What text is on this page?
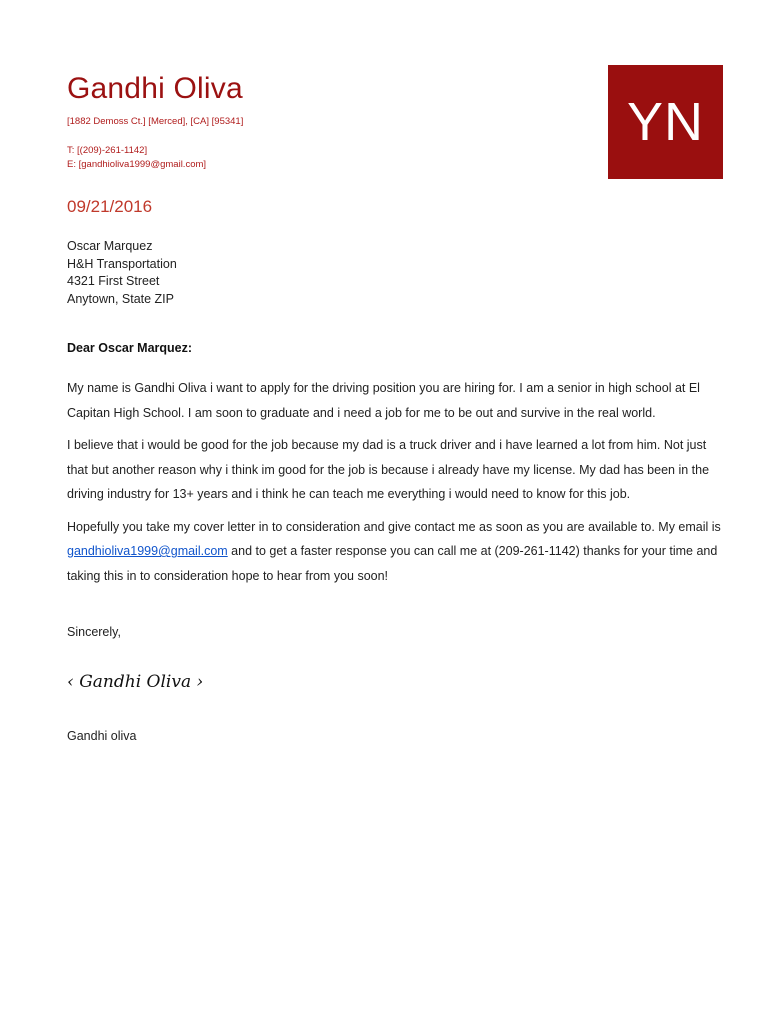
Gandhi Oliva

[1882 Demoss Ct.] [Merced], [CA] [95341]

T: [(209)-261-1142]

E: [gandhioliva1999@gmail.com]

YN

09/21/2016

Oscar Marquez
H&H Transportation
4321 First Street
Anytown, State ZIP

Dear Oscar Marquez:

My name is Gandhi Oliva i want to apply for the driving position you are hiring for. I am a senior in high school at El Capitan High School. I am soon to graduate and i need a job for me to be out and survive in the real world.

I believe that i would be good for the job because my dad is a truck driver and i have learned a lot from him. Not just that but another reason why i think im good for the job is because i already have my license. My dad has been in the driving industry for 13+ years and i think he can teach me everything i would need to know for this job.

Hopefully you take my cover letter in to consideration and give contact me as soon as you are available to. My email is gandhioliva1999@gmail.com and to get a faster response you can call me at (209-261-1142) thanks for your time and taking this in to consideration hope to hear from you soon!

Sincerely,

‹ Gandhi Oliva ›

Gandhi oliva
